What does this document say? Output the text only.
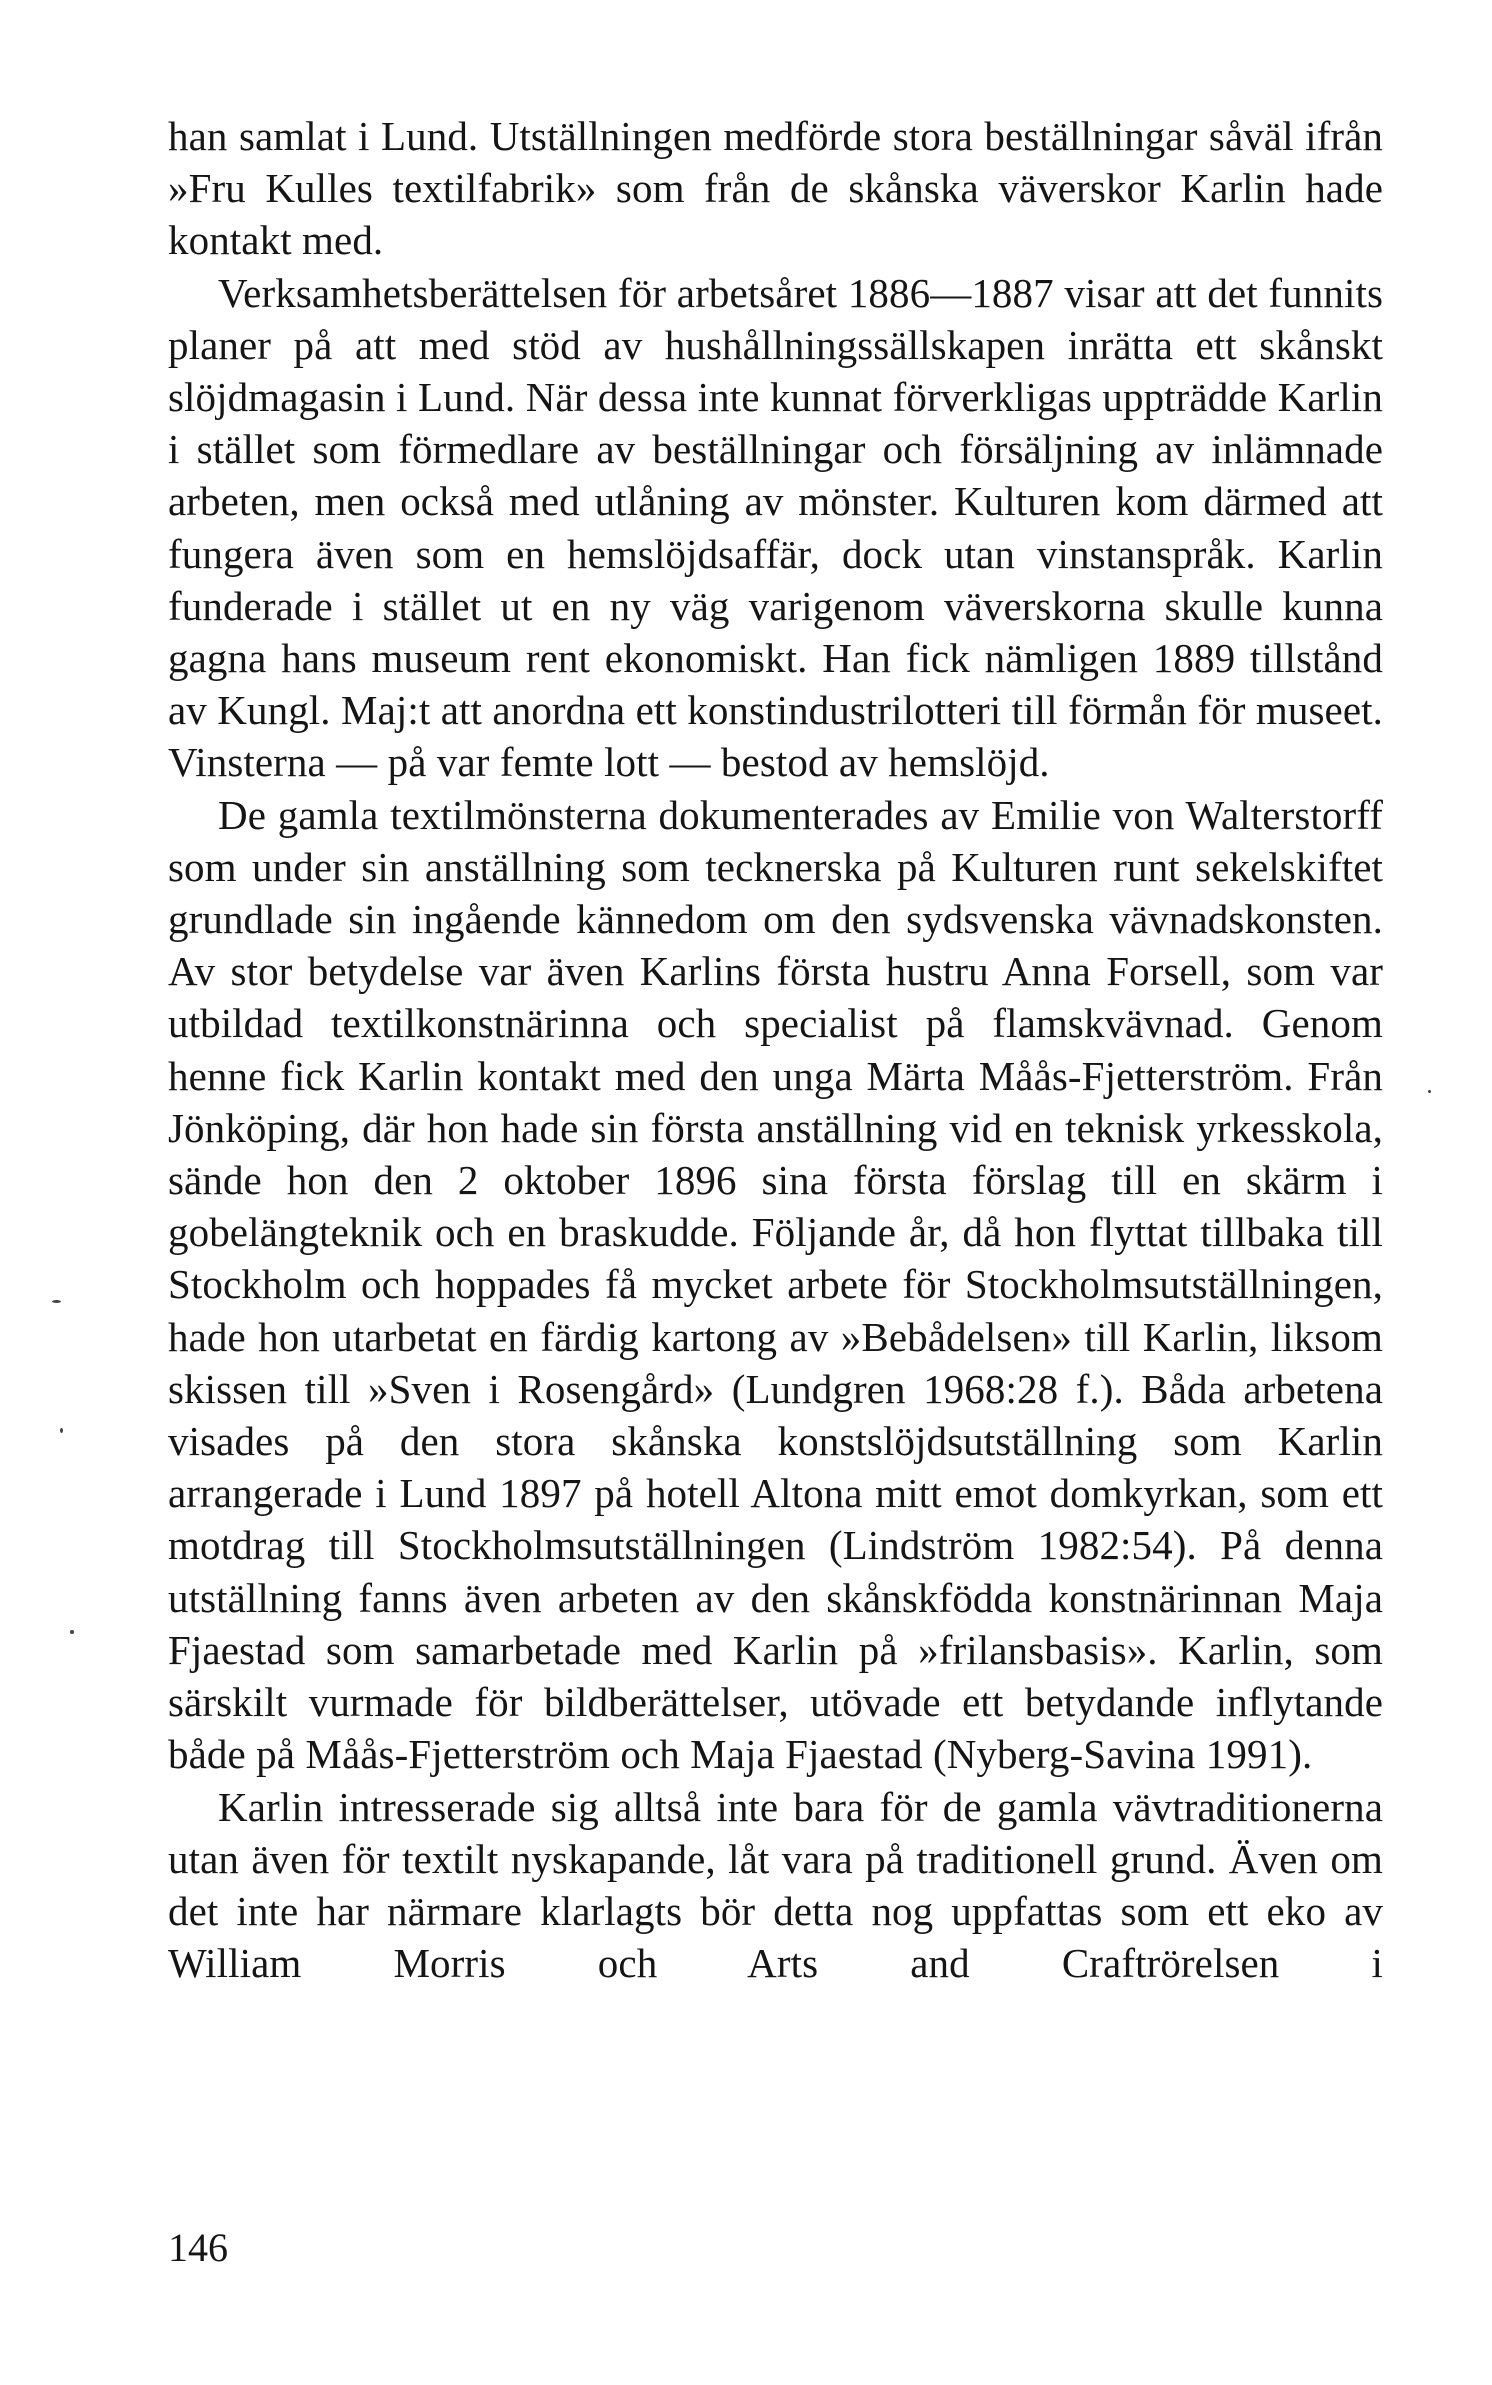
han samlat i Lund. Utställningen medförde stora beställningar såväl ifrån »Fru Kulles textilfabrik» som från de skånska väverskor Karlin hade kontakt med.

Verksamhetsberättelsen för arbetsåret 1886—1887 visar att det funnits planer på att med stöd av hushållningssällskapen inrätta ett skånskt slöjdmagasin i Lund. När dessa inte kunnat förverkligas uppträdde Karlin i stället som förmedlare av beställningar och försäljning av inlämnade arbeten, men också med utlåning av mönster. Kulturen kom därmed att fungera även som en hemslöjdsaffär, dock utan vinstanspråk. Karlin funderade i stället ut en ny väg varigenom väverskorna skulle kunna gagna hans museum rent ekonomiskt. Han fick nämligen 1889 tillstånd av Kungl. Maj:t att anordna ett konstindustrilotteri till förmån för museet. Vinsterna — på var femte lott — bestod av hemslöjd.

De gamla textilmönsterna dokumenterades av Emilie von Walterstorff som under sin anställning som tecknerska på Kulturen runt sekelskiftet grundlade sin ingående kännedom om den sydsvenska vävnadskonsten. Av stor betydelse var även Karlins första hustru Anna Forsell, som var utbildad textilkonstnärinna och specialist på flamskvävnad. Genom henne fick Karlin kontakt med den unga Märta Måås-Fjetterström. Från Jönköping, där hon hade sin första anställning vid en teknisk yrkesskola, sände hon den 2 oktober 1896 sina första förslag till en skärm i gobelängteknik och en braskudde. Följande år, då hon flyttat tillbaka till Stockholm och hoppades få mycket arbete för Stockholmsutställningen, hade hon utarbetat en färdig kartong av »Bebådelsen» till Karlin, liksom skissen till »Sven i Rosengård» (Lundgren 1968:28 f.). Båda arbetena visades på den stora skånska konstslöjdsutställning som Karlin arrangerade i Lund 1897 på hotell Altona mitt emot domkyrkan, som ett motdrag till Stockholmsutställningen (Lindström 1982:54). På denna utställning fanns även arbeten av den skånskfödda konstnärinnan Maja Fjaestad som samarbetade med Karlin på »frilansbasis». Karlin, som särskilt vurmade för bildberättelser, utövade ett betydande inflytande både på Måås-Fjetterström och Maja Fjaestad (Nyberg-Savina 1991).

Karlin intresserade sig alltså inte bara för de gamla vävtraditionerna utan även för textilt nyskapande, låt vara på traditionell grund. Även om det inte har närmare klarlagts bör detta nog uppfattas som ett eko av William Morris och Arts and Craftrörelsen i

146
